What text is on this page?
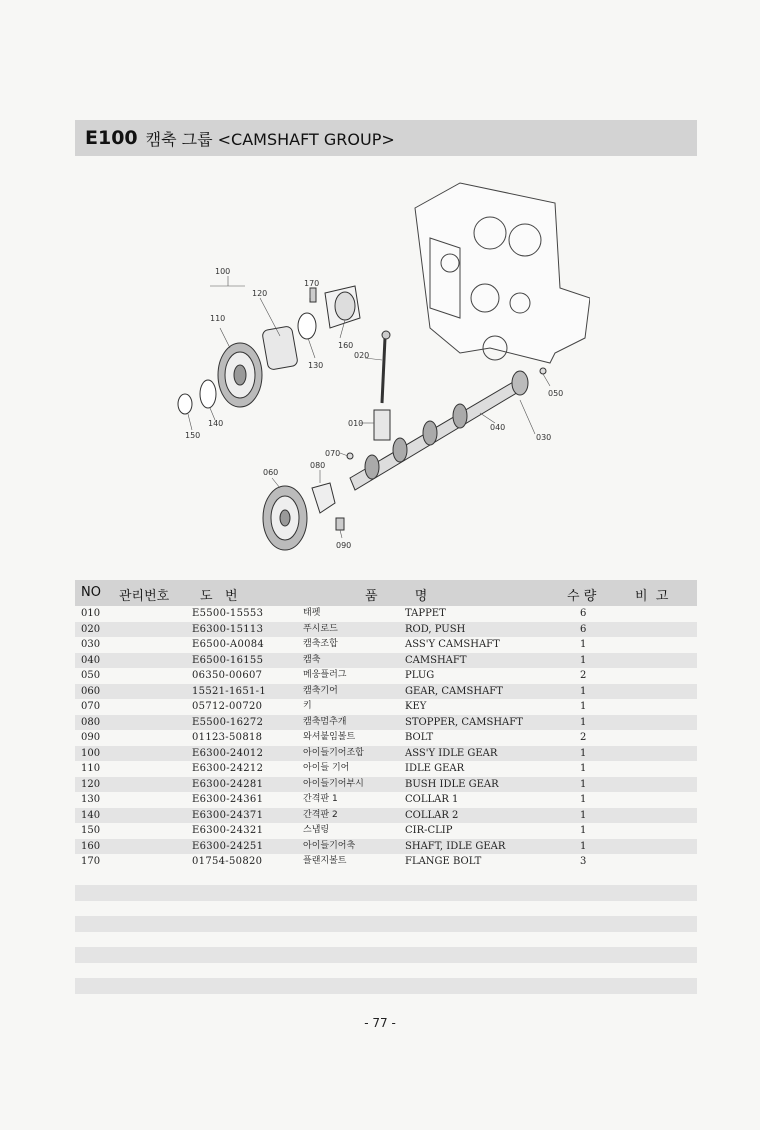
E100 캠축 그룹 <CAMSHAFT GROUP>
100
120
170
110
160
020
130
050
150
140	010	040
030
070
060
080
090
NO 관리번호 도   번	품         명	수 량	비  고
010	E5500-15553	태펫	TAPPET	6
020	E6300-15113	푸시로드	ROD, PUSH	6
030	E6500-A0084	캠축조합	ASS'Y CAMSHAFT	1
040	E6500-16155	캠축	CAMSHAFT	1
050	06350-00607	메웅플러그	PLUG	2
060	15521-1651-1	캠축기어	GEAR, CAMSHAFT	1
070	05712-00720	키	KEY	1
080	E5500-16272	캠축멈추개	STOPPER, CAMSHAFT	1
090	01123-50818	와셔붙임볼트	BOLT	2
100	E6300-24012	아이들기어조합	ASS'Y IDLE GEAR	1
110	E6300-24212	아이들 기어	IDLE GEAR	1
120	E6300-24281	아이들기어부시	BUSH IDLE GEAR	1
130	E6300-24361	간격판 1	COLLAR 1	1
140	E6300-24371	간격판 2	COLLAR 2	1
150	E6300-24321	스냅링	CIR-CLIP	1
160	E6300-24251	아이들기어축	SHAFT, IDLE GEAR	1
170	01754-50820	플랜지볼트	FLANGE BOLT	3
- 77 -
